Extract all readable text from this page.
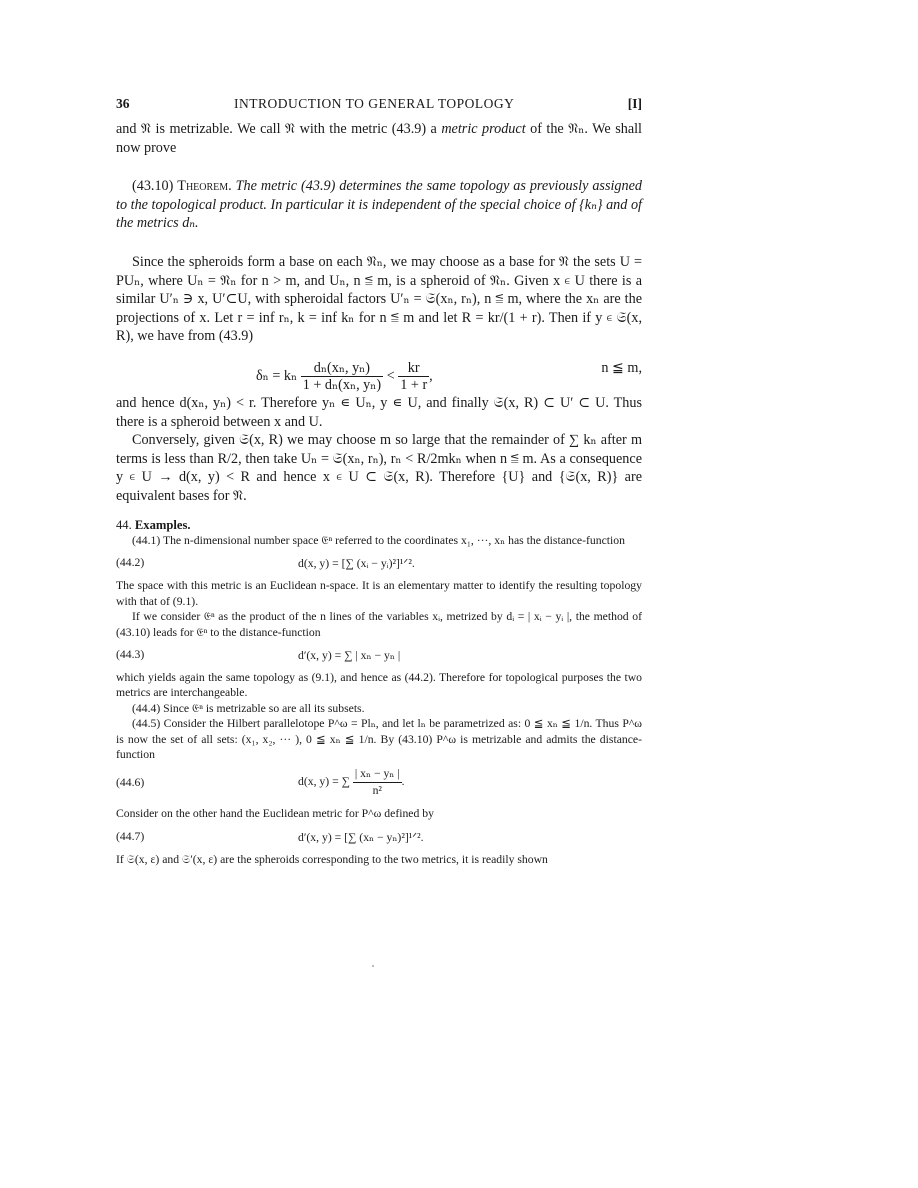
36	INTRODUCTION TO GENERAL TOPOLOGY	[I]

and 𝔑 is metrizable. We call 𝔑 with the metric (43.9) a metric product of the 𝔑ₙ. We shall now prove

(43.10) Theorem. The metric (43.9) determines the same topology as previously assigned to the topological product. In particular it is independent of the special choice of {kₙ} and of the metrics dₙ.

Since the spheroids form a base on each 𝔑ₙ, we may choose as a base for 𝔑 the sets U = PUₙ, where Uₙ = 𝔑ₙ for n > m, and Uₙ, n ≦ m, is a spheroid of 𝔑ₙ. Given x ∊ U there is a similar U′ₙ ∋ x, U′⊂U, with spheroidal factors U′ₙ = 𝔖(xₙ, rₙ), n ≦ m, where the xₙ are the projections of x. Let r = inf rₙ, k = inf kₙ for n ≦ m and let R = kr/(1 + r). Then if y ∊ 𝔖(x, R), we have from (43.9)

δₙ = kₙ $\frac{\text{dₙ(xₙ, yₙ)}}{\text{1 + dₙ(xₙ, yₙ)}} < \frac{kr}{1 + r}$ ,	n ≦ m,

and hence d(xₙ, yₙ) < r. Therefore yₙ ∊ Uₙ, y ∊ U, and finally 𝔖(x, R) ⊂ U′ ⊂ U. Thus there is a spheroid between x and U.

Conversely, given 𝔖(x, R) we may choose m so large that the remainder of ∑ kₙ after m terms is less than R/2, then take Uₙ = 𝔖(xₙ, rₙ), rₙ < R/2mkₙ when n ≦ m. As a consequence y ∊ U → d(x, y) < R and hence x ∊ U ⊂ 𝔖(x, R). Therefore {U} and {𝔖(x, R)} are equivalent bases for 𝔑.

44. Examples.

(44.1) The n-dimensional number space 𝔈ⁿ referred to the coordinates x₁, ···, xₙ has the distance-function

(44.2)	d(x, y) = [∑ (xᵢ − yᵢ)²]¹ᐟ².

The space with this metric is an Euclidean n-space. It is an elementary matter to identify the resulting topology with that of (9.1).

If we consider 𝔈ⁿ as the product of the n lines of the variables xᵢ, metrized by dᵢ = | xᵢ − yᵢ |, the method of (43.10) leads for 𝔈ⁿ to the distance-function

(44.3)	d′(x, y) = ∑ | xₙ − yₙ |

which yields again the same topology as (9.1), and hence as (44.2). Therefore for topological purposes the two metrics are interchangeable.

(44.4) Since 𝔈ⁿ is metrizable so are all its subsets.

(44.5) Consider the Hilbert parallelotope P^ω = Plₙ, and let lₙ be parametrized as: 0 ≦ xₙ ≦ 1/n. Thus P^ω is now the set of all sets: (x₁, x₂, ··· ), 0 ≦ xₙ ≦ 1/n. By (43.10) P^ω is metrizable and admits the distance-function

(44.6)	d(x, y) = ∑ $\frac{\text{| xₙ − yₙ |}}{\text{n²}}$ .

Consider on the other hand the Euclidean metric for P^ω defined by

(44.7)	d′(x, y) = [∑ (xₙ − yₙ)²]¹ᐟ².

If 𝔖(x, ε) and 𝔖′(x, ε) are the spheroids corresponding to the two metrics, it is readily shown
